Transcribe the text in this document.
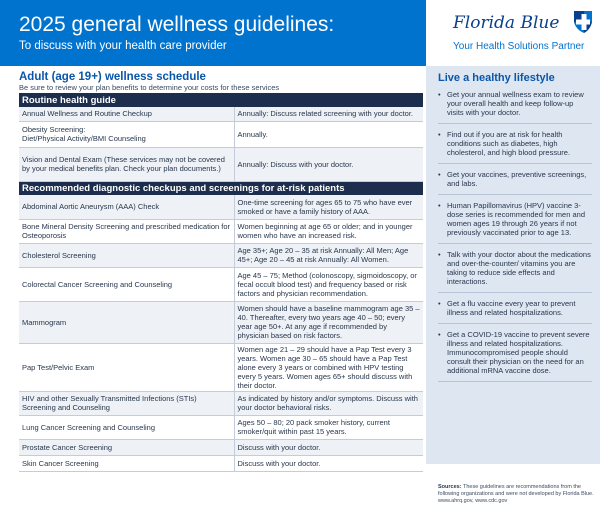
2025 general wellness guidelines:
To discuss with your health care provider
Florida Blue
Your Health Solutions Partner
Adult (age 19+) wellness schedule
Be sure to review your plan benefits to determine your costs for these services
Routine health guide	
Annual Wellness and Routine Checkup	Annually: Discuss related screening with your doctor.
Obesity Screening:
Diet/Physical Activity/BMI Counseling	Annually.
Vision and Dental Exam (These services may not be covered by your medical benefits plan. Check your plan documents.)	Annually: Discuss with your doctor.
Recommended diagnostic checkups and screenings for at-risk patients	
Abdominal Aortic Aneurysm (AAA) Check	One-time screening for ages 65 to 75 who have ever smoked or have a family history of AAA.
Bone Mineral Density Screening and prescribed medication for Osteoporosis	Women beginning at age 65 or older; and in younger women who have an increased risk.
Cholesterol Screening	Age 35+; Age 20 – 35 at risk Annually: All Men; Age 45+; Age 20 – 45 at risk Annually: All Women.
Colorectal Cancer Screening and Counseling	Age 45 – 75; Method (colonoscopy, sigmoidoscopy, or fecal occult blood test) and frequency based or risk factors and physician recommendation.
Mammogram	Women should have a baseline mammogram age 35 – 40. Thereafter, every two years age 40 – 50; every year age 50+. At any age if recommended by physician based on risk factors.
Pap Test/Pelvic Exam	Women age 21 – 29 should have a Pap Test every 3 years. Women age 30 – 65 should have a Pap Test alone every 3 years or combined with HPV testing every 5 years. Women ages 65+ should discuss with their doctor.
HIV and other Sexually Transmitted Infections (STIs) Screening and Counseling	As indicated by history and/or symptoms. Discuss with your doctor behavioral risks.
Lung Cancer Screening and Counseling	Ages 50 – 80; 20 pack smoker history, current smoker/quit within past 15 years.
Prostate Cancer Screening	Discuss with your doctor.
Skin Cancer Screening	Discuss with your doctor.
Live a healthy lifestyle
• Get your annual wellness exam to review your overall health and keep follow-up visits with your doctor.
• Find out if you are at risk for health conditions such as diabetes, high cholesterol, and high blood pressure.
• Get your vaccines, preventive screenings, and labs.
• Human Papillomavirus (HPV) vaccine 3-dose series is recommended for men and women ages 19 through 26 years if not previously vaccinated prior to age 13.
• Talk with your doctor about the medications and over-the-counter/ vitamins you are taking to reduce side effects and interactions.
• Get a flu vaccine every year to prevent illness and related hospitalizations.
• Get a COVID-19 vaccine to prevent severe illness and related hospitalizations. Immunocompromised people should consult their physician on the need for an additional mRNA vaccine dose.
Sources: These guidelines are recommendations from the following organizations and were not developed by Florida Blue. www.ahrq.gov, www.cdc.gov
